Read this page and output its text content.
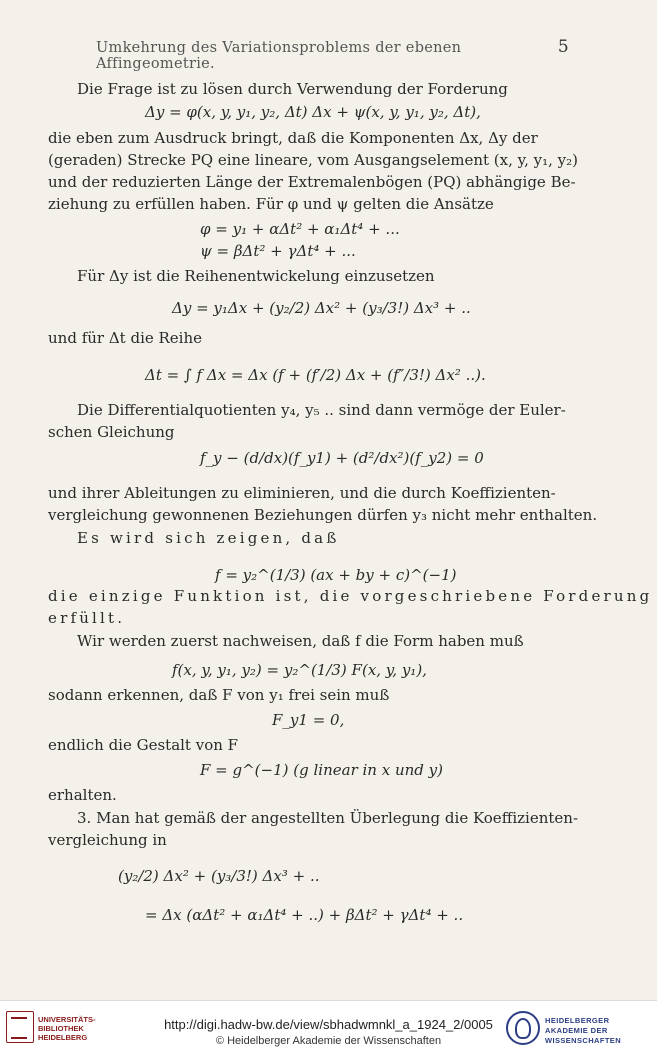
Umkehrung des Variationsproblems der ebenen Affingeometrie.
5
Die Frage ist zu lösen durch Verwendung der Forderung
Δy = φ(x, y, y₁, y₂, Δt) Δx + ψ(x, y, y₁, y₂, Δt),
die eben zum Ausdruck bringt, daß die Komponenten Δx, Δy der
(geraden) Strecke PQ eine lineare, vom Ausgangselement (x, y, y₁, y₂)
und der reduzierten Länge der Extremalenbögen (PQ) abhängige Be-
ziehung zu erfüllen haben. Für φ und ψ gelten die Ansätze
φ = y₁ + αΔt² + α₁Δt⁴ + ...
ψ = βΔt² + γΔt⁴ + ...
Für Δy ist die Reihenentwickelung einzusetzen
Δy = y₁Δx + (y₂/2) Δx² + (y₃/3!) Δx³ + ..
und für Δt die Reihe
Δt = ∫ f Δx = Δx (f + (f′/2) Δx + (f″/3!) Δx² ..).
Die Differentialquotienten y₄, y₅ .. sind dann vermöge der Euler-
schen Gleichung
f_y − (d/dx)(f_y1) + (d²/dx²)(f_y2) = 0
und ihrer Ableitungen zu eliminieren, und die durch Koeffizienten-
vergleichung gewonnenen Beziehungen dürfen y₃ nicht mehr enthalten.
Es wird sich zeigen, daß
f = y₂^(1/3) (ax + by + c)^(−1)
die einzige Funktion ist, die vorgeschriebene Forderung
erfüllt.
Wir werden zuerst nachweisen, daß f die Form haben muß
f(x, y, y₁, y₂) = y₂^(1/3) F(x, y, y₁),
sodann erkennen, daß F von y₁ frei sein muß
F_y1 = 0,
endlich die Gestalt von F
F = g^(−1) (g linear in x und y)
erhalten.
3. Man hat gemäß der angestellten Überlegung die Koeffizienten-
vergleichung in
(y₂/2) Δx² + (y₃/3!) Δx³ + ..
= Δx (αΔt² + α₁Δt⁴ + ..) + βΔt² + γΔt⁴ + ..
UNIVERSITÄTS- BIBLIOTHEK HEIDELBERG
http://digi.hadw-bw.de/view/sbhadwmnkl_a_1924_2/0005
© Heidelberger Akademie der Wissenschaften
HEIDELBERGER AKADEMIE DER WISSENSCHAFTEN
